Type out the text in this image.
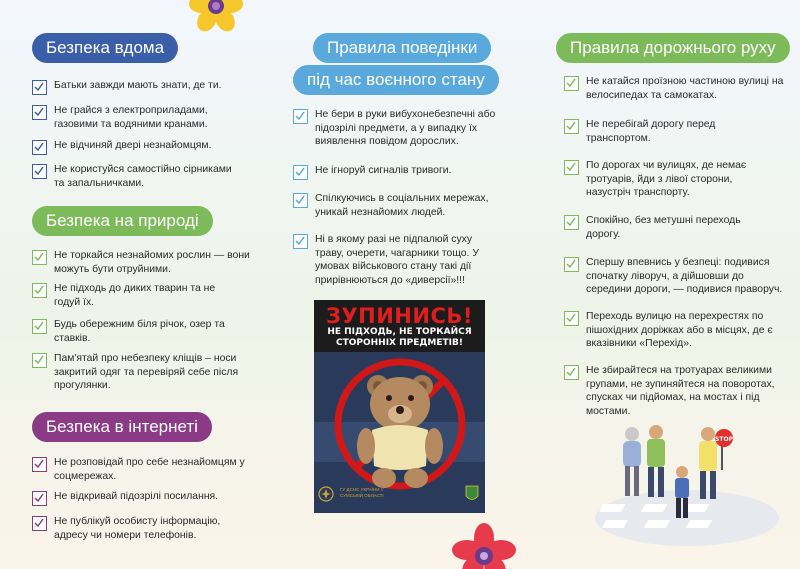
Безпека вдома
Батьки завжди мають знати, де ти.
Не грайся з електроприладами, газовими та водяними кранами.
Не відчиняй двері незнайомцям.
Не користуйся самостійно сірниками та запальничками.
Безпека на природі
Не торкайся незнайомих рослин — вони можуть бути отруйними.
Не підходь до диких тварин та не годуй їх.
Будь обережним біля річок, озер та ставків.
Пам'ятай про небезпеку кліщів – носи закритий одяг та перевіряй себе після прогулянки.
Безпека в інтернеті
Не розповідай про себе незнайомцям у соцмережах.
Не відкривай підозрілі посилання.
Не публікуй особисту інформацію, адресу чи номери телефонів.
Правила поведінки
під час воєнного стану
Не бери в руки вибухонебезпечні або підозрілі предмети, а у випадку їх виявлення повідом дорослих.
Не ігноруй сигналів тривоги.
Спілкуючись в соціальних мережах, уникай незнайомих людей.
Ні в якому разі не підпалюй суху траву, очерети, чагарники тощо. У умовах військового стану такі дії прирівнюються до «диверсії»!!!
ЗУПИНИСЬ!
НЕ ПІДХОДЬ, НЕ ТОРКАЙСЯ СТОРОННІХ ПРЕДМЕТІВ!
ГУ ДСНС УКРАЇНИ У СУМСЬКІЙ ОБЛАСТІ
Правила дорожнього руху
Не катайся проїзною частиною вулиці на велосипедах та самокатах.
Не перебігай дорогу перед транспортом.
По дорогах чи вулицях, де немає тротуарів, йди з лівої сторони, назустріч транспорту.
Спокійно, без метушні переходь дорогу.
Спершу впевнись у безпеці: подивися спочатку ліворуч, а дійшовши до середини дороги, — подивися праворуч.
Переходь вулицю на перехрестях по пішохідних доріжках або в місцях, де є вказівники «Перехід».
Не збирайтеся на тротуарах великими групами, не зупиняйтеся на поворотах, спусках чи підйомах, на мостах і під мостами.
STOP
